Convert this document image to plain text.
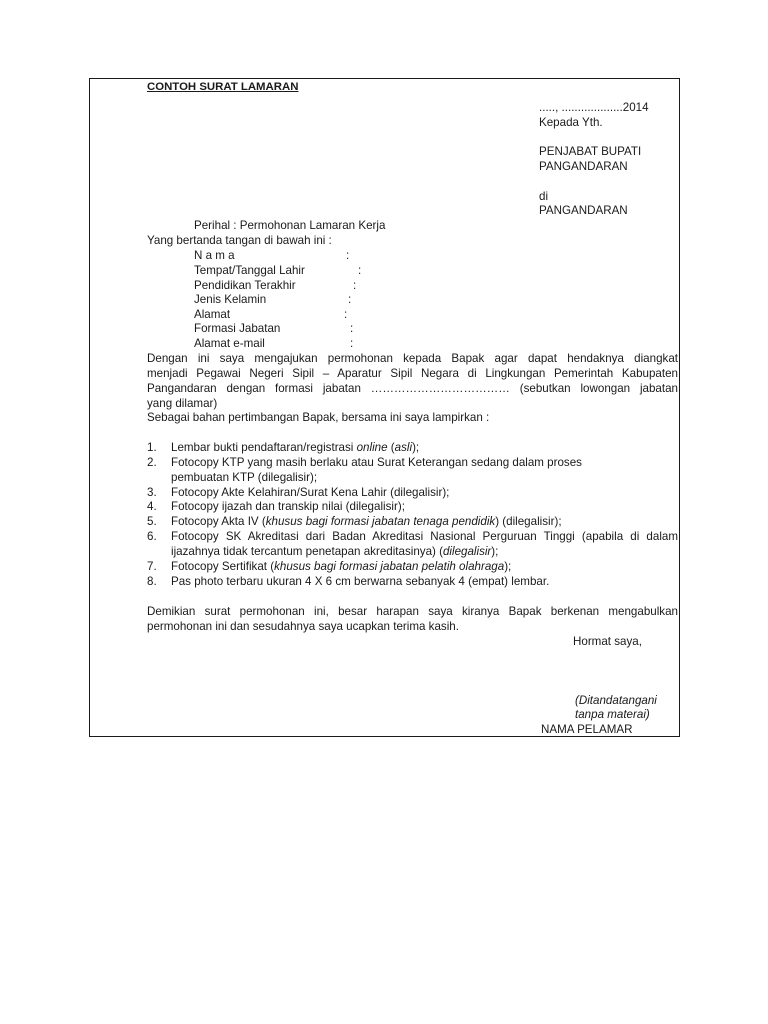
CONTOH SURAT LAMARAN
....., ...................2014
Kepada Yth.
PENJABAT BUPATI
PANGANDARAN
di
PANGANDARAN
Perihal : Permohonan Lamaran Kerja
Yang bertanda tangan di bawah ini :
N a m a	:
Tempat/Tanggal Lahir	:
Pendidikan Terakhir	:
Jenis Kelamin	:
Alamat	:
Formasi Jabatan	:
Alamat e-mail	:
Dengan ini saya mengajukan permohonan kepada Bapak agar dapat hendaknya diangkat
menjadi Pegawai Negeri Sipil – Aparatur Sipil Negara di Lingkungan Pemerintah Kabupaten
Pangandaran dengan formasi jabatan ……………………………… (sebutkan lowongan jabatan
yang dilamar)
Sebagai bahan pertimbangan Bapak, bersama ini saya lampirkan :
1. Lembar bukti pendaftaran/registrasi online (asli);
2. Fotocopy KTP yang masih berlaku atau Surat Keterangan sedang dalam proses
pembuatan KTP (dilegalisir);
3. Fotocopy Akte Kelahiran/Surat Kena Lahir (dilegalisir);
4. Fotocopy ijazah dan transkip nilai (dilegalisir);
5. Fotocopy Akta IV (khusus bagi formasi jabatan tenaga pendidik) (dilegalisir);
6. Fotocopy SK Akreditasi dari Badan Akreditasi Nasional Perguruan Tinggi (apabila di dalam
ijazahnya tidak tercantum penetapan akreditasinya) (dilegalisir);
7. Fotocopy Sertifikat (khusus bagi formasi jabatan pelatih olahraga);
8. Pas photo terbaru ukuran 4 X 6 cm berwarna sebanyak 4 (empat) lembar.
Demikian surat permohonan ini, besar harapan saya kiranya Bapak berkenan mengabulkan
permohonan ini dan sesudahnya saya ucapkan terima kasih.
Hormat saya,
(Ditandatangani
tanpa materai)
NAMA PELAMAR
